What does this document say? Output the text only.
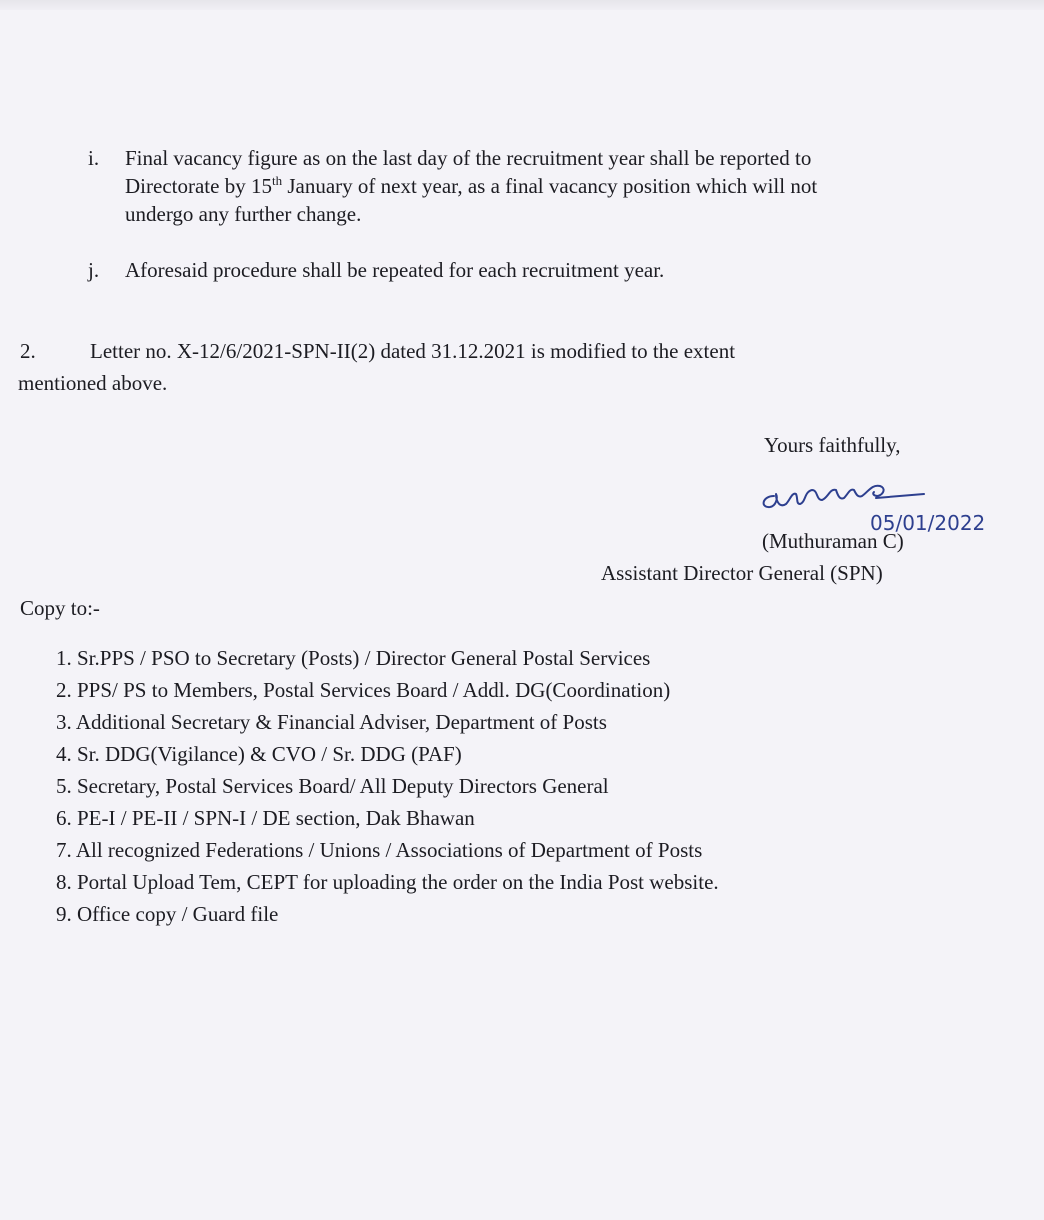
i. Final vacancy figure as on the last day of the recruitment year shall be reported to
Directorate by 15th January of next year, as a final vacancy position which will not
undergo any further change.
j. Aforesaid procedure shall be repeated for each recruitment year.
2.	Letter no. X-12/6/2021-SPN-II(2) dated 31.12.2021 is modified to the extent
mentioned above.
Yours faithfully,
05/01/2022
(Muthuraman C)
Assistant Director General (SPN)
Copy to:-
1. Sr.PPS / PSO to Secretary (Posts) / Director General Postal Services
2. PPS/ PS to Members, Postal Services Board / Addl. DG(Coordination)
3. Additional Secretary & Financial Adviser, Department of Posts
4. Sr. DDG(Vigilance) & CVO / Sr. DDG (PAF)
5. Secretary, Postal Services Board/ All Deputy Directors General
6. PE-I / PE-II / SPN-I / DE section, Dak Bhawan
7. All recognized Federations / Unions / Associations of Department of Posts
8. Portal Upload Tem, CEPT for uploading the order on the India Post website.
9. Office copy / Guard file
